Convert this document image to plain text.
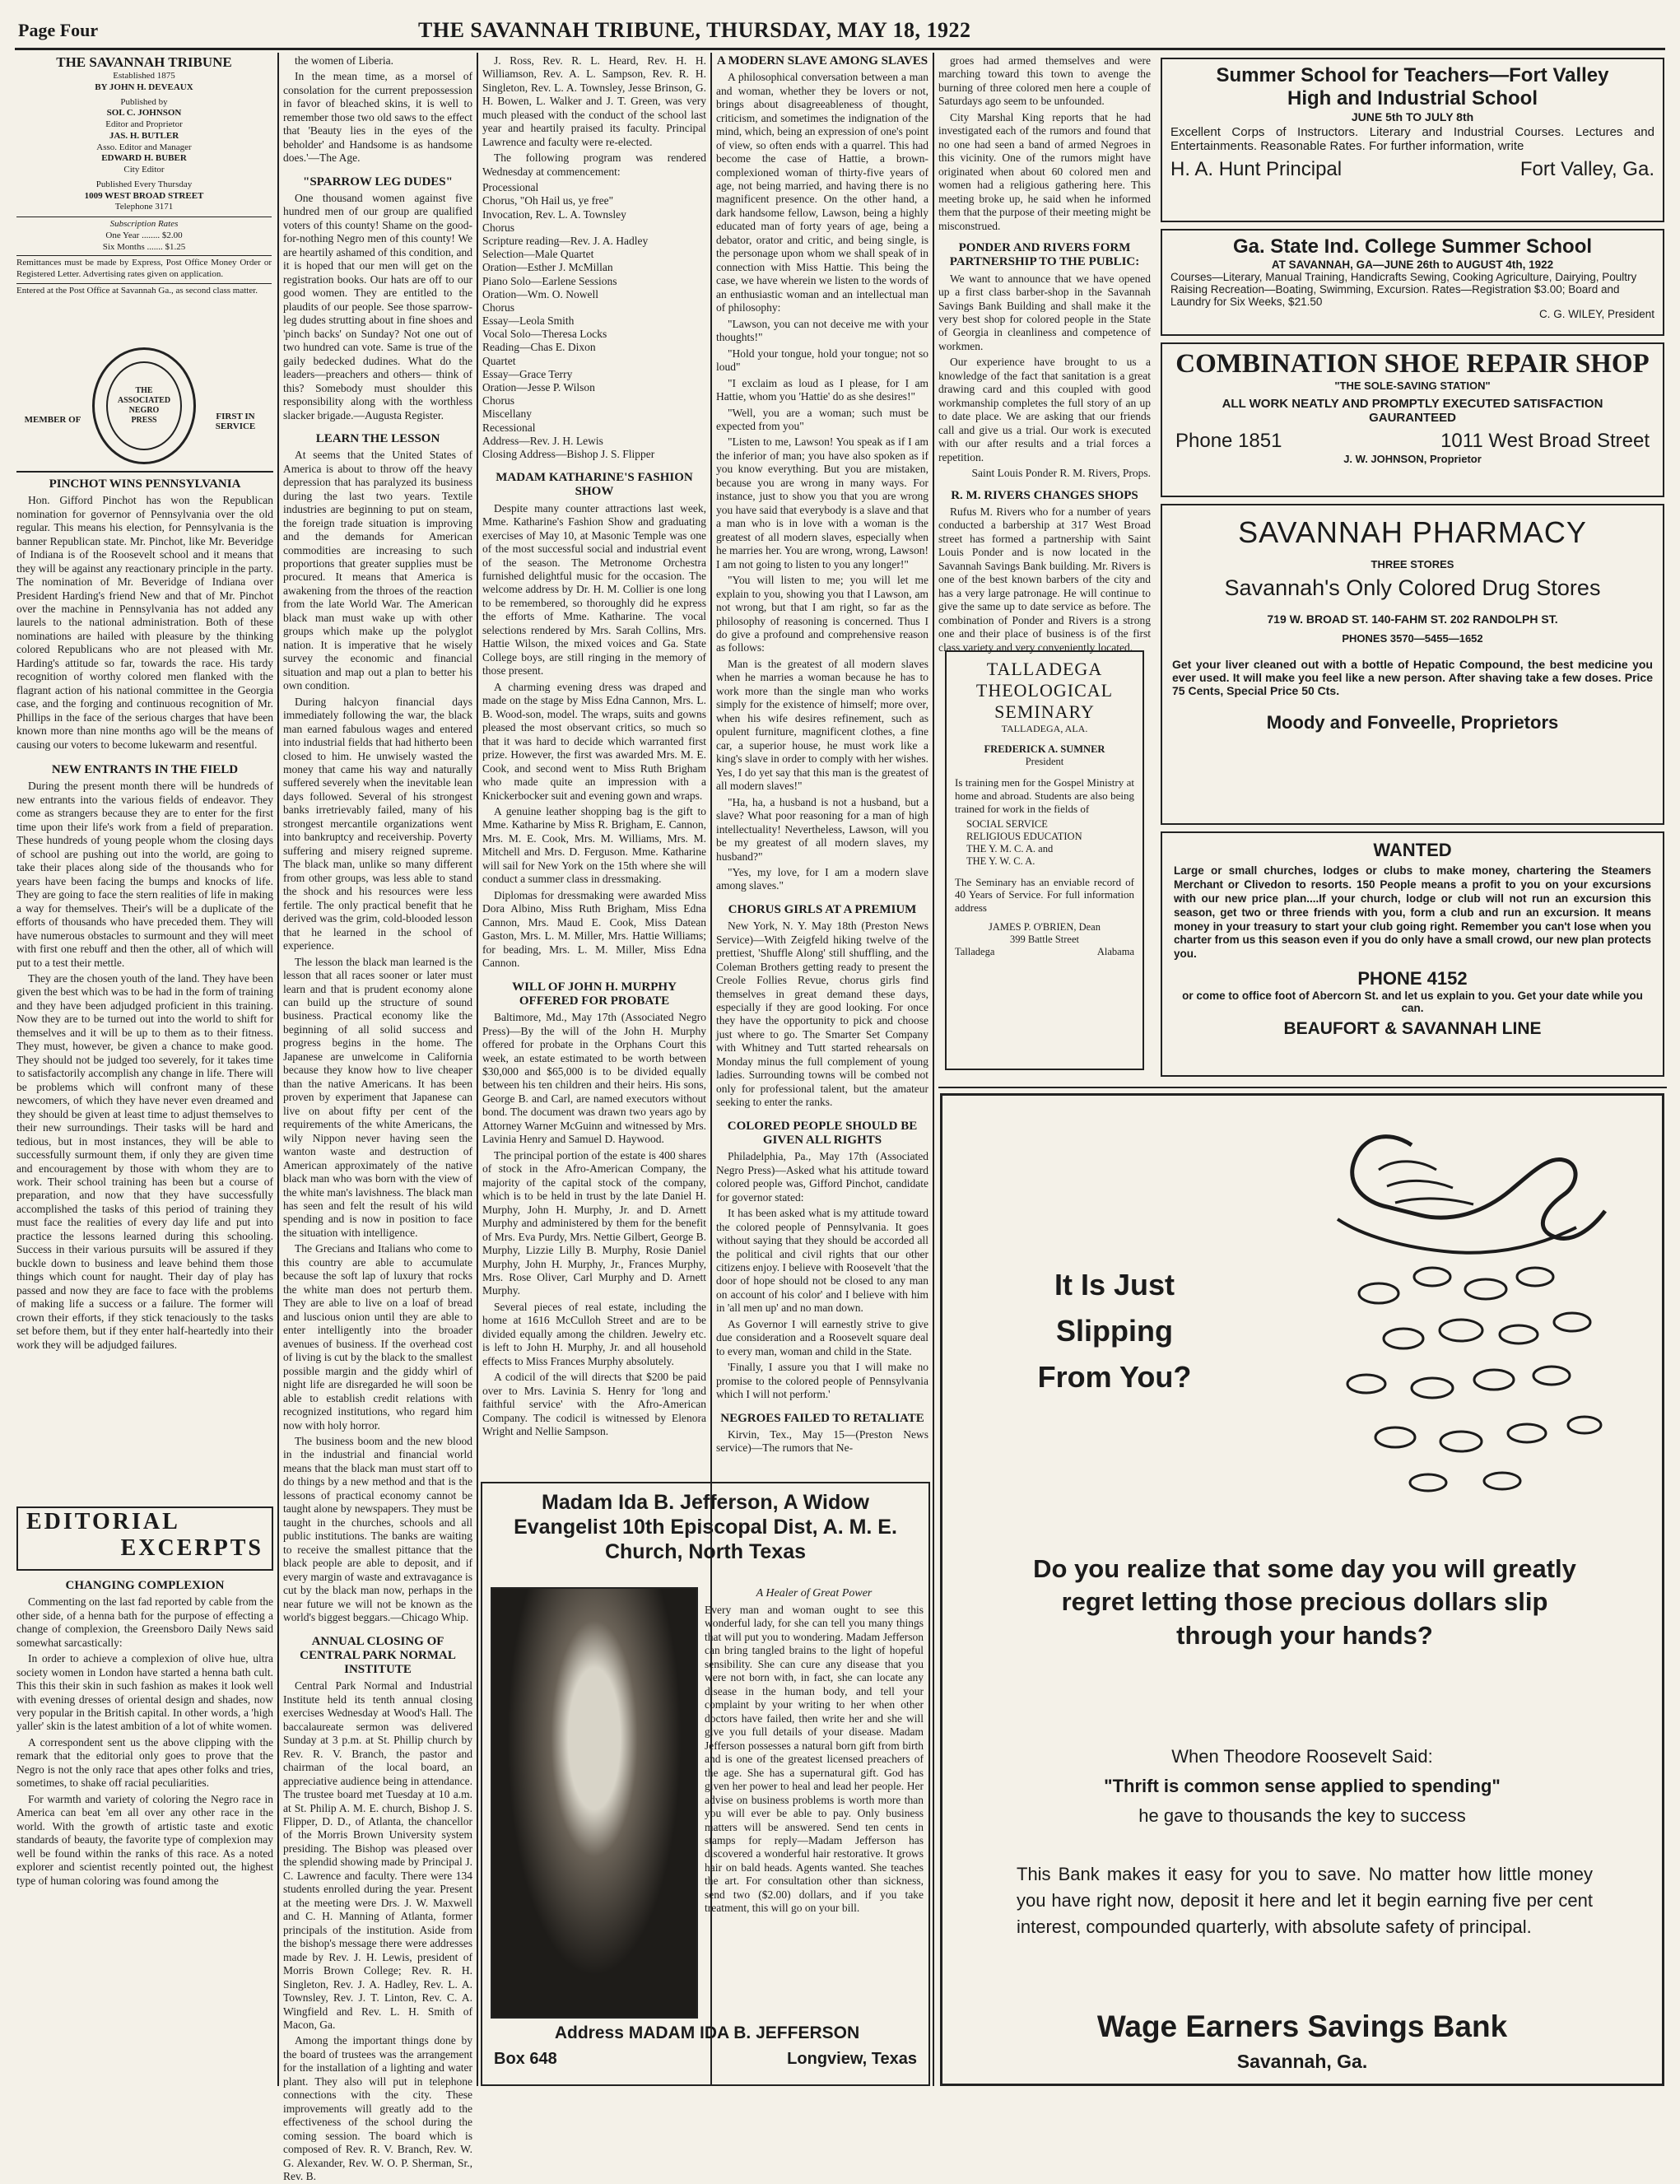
Page Four	THE SAVANNAH TRIBUNE, THURSDAY, MAY 18, 1922
THE SAVANNAH TRIBUNE
Established 1875
BY JOHN H. DEVEAUX
Published by
SOL C. JOHNSON
Editor and Proprietor
JAS. H. BUTLER
Asso. Editor and Manager
EDWARD H. BUBER
City Editor
Published Every Thursday
1009 WEST BROAD STREET
Telephone 3171
Subscription Rates
One Year ........ $2.00
Six Months ....... $1.25
Remittances must be made by Express, Post Office Money Order or Registered Letter. Advertising rates given on application.
Entered at the Post Office at Savannah Ga., as second class matter.
MEMBER OF	FIRST IN SERVICE
THE ASSOCIATED NEGRO PRESS
PINCHOT WINS PENNSYLVANIA

Hon. Gifford Pinchot has won the Republican nomination for governor of Pennsylvania over the old regular. This means his election, for Pennsylvania is the banner Republican state. Mr. Pinchot, like Mr. Beveridge of Indiana is of the Roosevelt school and it means that they will be against any reactionary principle in the party. The nomination of Mr. Beveridge of Indiana over President Harding's friend New and that of Mr. Pinchot over the machine in Pennsylvania has not added any laurels to the national administration. Both of these nominations are hailed with pleasure by the thinking colored Republicans who are not pleased with Mr. Harding's attitude so far, towards the race. His tardy recognition of worthy colored men flanked with the flagrant action of his national committee in the Georgia case, and the forging and continuous recognition of Mr. Phillips in the face of the serious charges that have been known more than nine months ago will be the means of causing our voters to become lukewarm and resentful.

NEW ENTRANTS IN THE FIELD

During the present month there will be hundreds of new entrants into the various fields of endeavor. They come as strangers because they are to enter for the first time upon their life's work from a field of preparation. These hundreds of young people whom the closing days of school are pushing out into the world, are going to take their places along side of the thousands who for years have been facing the bumps and knocks of life. They are going to face the stern realities of life in making a way for themselves. Their's will be a duplicate of the efforts of thousands who have preceded them. They will have numerous obstacles to surmount and they will meet with first one rebuff and then the other, all of which will put to a test their mettle.

They are the chosen youth of the land. They have been given the best which was to be had in the form of training and they have been adjudged proficient in this training. Now they are to be turned out into the world to shift for themselves and it will be up to them as to their fitness. They must, however, be given a chance to make good. They should not be judged too severely, for it takes time to satisfactorily accomplish any change in life. There will be problems which will confront many of these newcomers, of which they have never even dreamed and they should be given at least time to adjust themselves to their new surroundings. Their tasks will be hard and tedious, but in most instances, they will be able to successfully surmount them, if only they are given time and encouragement by those with whom they are to work. Their school training has been but a course of preparation, and now that they have successfully accomplished the tasks of this period of training they must face the realities of every day life and put into practice the lessons learned during this schooling. Success in their various pursuits will be assured if they buckle down to business and leave behind them those things which count for naught. Their day of play has passed and now they are face to face with the problems of making life a success or a failure. The former will crown their efforts, if they stick tenaciously to the tasks set before them, but if they enter half-heartedly into their work they will be adjudged failures.

EDITORIAL
EXCERPTS
CHANGING COMPLEXION

Commenting on the last fad reported by cable from the other side, of a henna bath for the purpose of effecting a change of complexion, the Greensboro Daily News said somewhat sarcastically:

In order to achieve a complexion of olive hue, ultra society women in London have started a henna bath cult. This this their skin in such fashion as makes it look well with evening dresses of oriental design and shades, now very popular in the British capital. In other words, a 'high yaller' skin is the latest ambition of a lot of white women.

A correspondent sent us the above clipping with the remark that the editorial only goes to prove that the Negro is not the only race that apes other folks and tries, sometimes, to shake off racial peculiarities.

For warmth and variety of coloring the Negro race in America can beat 'em all over any other race in the world. With the growth of artistic taste and exotic standards of beauty, the favorite type of complexion may well be found within the ranks of this race. As a noted explorer and scientist recently pointed out, the highest type of human coloring was found among the

the women of Liberia.

In the mean time, as a morsel of consolation for the current prepossession in favor of bleached skins, it is well to remember those two old saws to the effect that 'Beauty lies in the eyes of the beholder' and Handsome is as handsome does.'—The Age.

"SPARROW LEG DUDES"

One thousand women against five hundred men of our group are qualified voters of this county! Shame on the good-for-nothing Negro men of this county! We are heartily ashamed of this condition, and it is hoped that our men will get on the registration books. Our hats are off to our good women. They are entitled to the plaudits of our people. See those sparrow-leg dudes strutting about in fine shoes and 'pinch backs' on Sunday? Not one out of two hundred can vote. Same is true of the gaily bedecked dudines. What do the leaders—preachers and others— think of this? Somebody must shoulder this responsibility along with the worthless slacker brigade.—Augusta Register.

LEARN THE LESSON

At seems that the United States of America is about to throw off the heavy depression that has paralyzed its business during the last two years. Textile industries are beginning to put on steam, the foreign trade situation is improving and the demands for American commodities are increasing to such proportions that greater supplies must be procured. It means that America is awakening from the throes of the reaction from the late World War. The American black man must wake up with other groups which make up the polyglot nation. It is imperative that he wisely survey the economic and financial situation and map out a plan to better his own condition.

During halcyon financial days immediately following the war, the black man earned fabulous wages and entered into industrial fields that had hitherto been closed to him. He unwisely wasted the money that came his way and naturally suffered severely when the inevitable lean days followed. Several of his strongest banks irretrievably failed, many of his strongest mercantile organizations went into bankruptcy and receivership. Poverty suffering and misery reigned supreme. The black man, unlike so many different from other groups, was less able to stand the shock and his resources were less fertile. The only practical benefit that he derived was the grim, cold-blooded lesson that he learned in the school of experience.

The lesson the black man learned is the lesson that all races sooner or later must learn and that is prudent economy alone can build up the structure of sound business. Practical economy like the beginning of all solid success and progress begins in the home. The Japanese are unwelcome in California because they know how to live cheaper than the native Americans. It has been proven by experiment that Japanese can live on about fifty per cent of the requirements of the white Americans, the wily Nippon never having seen the wanton waste and destruction of American approximately of the native black man who was born with the view of the white man's lavishness. The black man has seen and felt the result of his wild spending and is now in position to face the situation with intelligence.

The Grecians and Italians who come to this country are able to accumulate because the soft lap of luxury that rocks the white man does not perturb them. They are able to live on a loaf of bread and luscious onion until they are able to enter intelligently into the broader avenues of business. If the overhead cost of living is cut by the black to the smallest possible margin and the giddy whirl of night life are disregarded he will soon be able to establish credit relations with recognized institutions, who regard him now with holy horror.

The business boom and the new blood in the industrial and financial world means that the black man must start off to do things by a new method and that is the lessons of practical economy cannot be taught alone by newspapers. They must be taught in the churches, schools and all public institutions. The banks are waiting to receive the smallest pittance that the black people are able to deposit, and if every margin of waste and extravagance is cut by the black man now, perhaps in the near future we will not be known as the world's biggest beggars.—Chicago Whip.

ANNUAL CLOSING OF CENTRAL PARK NORMAL INSTITUTE

Central Park Normal and Industrial Institute held its tenth annual closing exercises Wednesday at Wood's Hall. The baccalaureate sermon was delivered Sunday at 3 p.m. at St. Phillip church by Rev. R. V. Branch, the pastor and chairman of the local board, an appreciative audience being in attendance. The trustee board met Tuesday at 10 a.m. at St. Philip A. M. E. church, Bishop J. S. Flipper, D. D., of Atlanta, the chancellor of the Morris Brown University system presiding. The Bishop was pleased over the splendid showing made by Principal J. C. Lawrence and faculty. There were 134 students enrolled during the year. Present at the meeting were Drs. J. W. Maxwell and C. H. Manning of Atlanta, former principals of the institution. Aside from the bishop's message there were addresses made by Rev. J. H. Lewis, president of Morris Brown College; Rev. R. H. Singleton, Rev. J. A. Hadley, Rev. L. A. Townsley, Rev. J. T. Linton, Rev. C. A. Wingfield and Rev. L. H. Smith of Macon, Ga.

Among the important things done by the board of trustees was the arrangement for the installation of a lighting and water plant. They also will put in telephone connections with the city. These improvements will greatly add to the effectiveness of the school during the coming session. The board which is composed of Rev. R. V. Branch, Rev. W. G. Alexander, Rev. W. O. P. Sherman, Sr., Rev. B.

J. Ross, Rev. R. L. Heard, Rev. H. H. Williamson, Rev. A. L. Sampson, Rev. R. H. Singleton, Rev. L. A. Townsley, Jesse Brinson, G. H. Bowen, L. Walker and J. T. Green, was very much pleased with the conduct of the school last year and heartily praised its faculty. Principal Lawrence and faculty were re-elected.

The following program was rendered Wednesday at commencement:

Processional
Chorus, "Oh Hail us, ye free"
Invocation, Rev. L. A. Townsley
Chorus
Scripture reading—Rev. J. A. Hadley
Selection—Male Quartet
Oration—Esther J. McMillan
Piano Solo—Earlene Sessions
Oration—Wm. O. Nowell
Chorus
Essay—Leola Smith
Vocal Solo—Theresa Locks
Reading—Chas E. Dixon
Quartet
Essay—Grace Terry
Oration—Jesse P. Wilson
Chorus
Miscellany
Recessional
Address—Rev. J. H. Lewis
Closing Address—Bishop J. S. Flipper
MADAM KATHARINE'S FASHION SHOW

Despite many counter attractions last week, Mme. Katharine's Fashion Show and graduating exercises of May 10, at Masonic Temple was one of the most successful social and industrial event of the season. The Metronome Orchestra furnished delightful music for the occasion. The welcome address by Dr. H. M. Collier is one long to be remembered, so thoroughly did he express the efforts of Mme. Katharine. The vocal selections rendered by Mrs. Sarah Collins, Mrs. Hattie Wilson, the mixed voices and Ga. State College boys, are still ringing in the memory of those present.

A charming evening dress was draped and made on the stage by Miss Edna Cannon, Mrs. L. B. Wood-son, model. The wraps, suits and gowns pleased the most observant critics, so much so that it was hard to decide which warranted first prize. However, the first was awarded Mrs. M. E. Cook, and second went to Miss Ruth Brigham who made quite an impression with a Knickerbocker suit and evening gown and wraps.

A genuine leather shopping bag is the gift to Mme. Katharine by Miss R. Brigham, E. Cannon, Mrs. M. E. Cook, Mrs. M. Williams, Mrs. M. Mitchell and Mrs. D. Ferguson. Mme. Katharine will sail for New York on the 15th where she will conduct a summer class in dressmaking.

Diplomas for dressmaking were awarded Miss Dora Albino, Miss Ruth Brigham, Miss Edna Cannon, Mrs. Maud E. Cook, Miss Datean Gaston, Mrs. L. M. Miller, Mrs. Hattie Williams; for beading, Mrs. L. M. Miller, Miss Edna Cannon.

WILL OF JOHN H. MURPHY OFFERED FOR PROBATE

Baltimore, Md., May 17th (Associated Negro Press)—By the will of the John H. Murphy offered for probate in the Orphans Court this week, an estate estimated to be worth between $30,000 and $65,000 is to be divided equally between his ten children and their heirs. His sons, George B. and Carl, are named executors without bond. The document was drawn two years ago by Attorney Warner McGuinn and witnessed by Mrs. Lavinia Henry and Samuel D. Haywood.

The principal portion of the estate is 400 shares of stock in the Afro-American Company, the majority of the capital stock of the company, which is to be held in trust by the late Daniel H. Murphy, John H. Murphy, Jr. and D. Arnett Murphy and administered by them for the benefit of Mrs. Eva Purdy, Mrs. Nettie Gilbert, George B. Murphy, Lizzie Lilly B. Murphy, Rosie Daniel Murphy, John H. Murphy, Jr., Frances Murphy, Mrs. Rose Oliver, Carl Murphy and D. Arnett Murphy.

Several pieces of real estate, including the home at 1616 McCulloh Street and are to be divided equally among the children. Jewelry etc. is left to John H. Murphy, Jr. and all household effects to Miss Frances Murphy absolutely.

A codicil of the will directs that $200 be paid over to Mrs. Lavinia S. Henry for 'long and faithful service' with the Afro-American Company. The codicil is witnessed by Elenora Wright and Nellie Sampson.

A MODERN SLAVE AMONG SLAVES

A philosophical conversation between a man and woman, whether they be lovers or not, brings about disagreeableness of thought, criticism, and sometimes the indignation of the mind, which, being an expression of one's point of view, so often ends with a quarrel. This had become the case of Hattie, a brown-complexioned woman of thirty-five years of age, not being married, and having there is no magnificent presence. On the other hand, a dark handsome fellow, Lawson, being a highly educated man of forty years of age, being a debator, orator and critic, and being single, is the personage upon whom we shall speak of in connection with Miss Hattie. This being the case, we have wherein we listen to the words of an enthusiastic woman and an intellectual man of philosophy:

"Lawson, you can not deceive me with your thoughts!"

"Hold your tongue, hold your tongue; not so loud"

"I exclaim as loud as I please, for I am Hattie, whom you 'Hattie' do as she desires!"

"Well, you are a woman; such must be expected from you"

"Listen to me, Lawson! You speak as if I am the inferior of man; you have also spoken as if you know everything. But you are mistaken, because you are wrong in many ways. For instance, just to show you that you are wrong you have said that everybody is a slave and that a man who is in love with a woman is the greatest of all modern slaves, especially when he marries her. You are wrong, wrong, Lawson! I am not going to listen to you any longer!"

"You will listen to me; you will let me explain to you, showing you that I Lawson, am not wrong, but that I am right, so far as the philosophy of reasoning is concerned. Thus I do give a profound and comprehensive reason as follows:

Man is the greatest of all modern slaves when he marries a woman because he has to work more than the single man who works simply for the existence of himself; more over, when his wife desires refinement, such as opulent furniture, magnificent clothes, a fine car, a superior house, he must work like a king's slave in order to comply with her wishes. Yes, I do yet say that this man is the greatest of all modern slaves!"

"Ha, ha, a husband is not a husband, but a slave? What poor reasoning for a man of high intellectuality! Nevertheless, Lawson, will you be my greatest of all modern slaves, my husband?"

"Yes, my love, for I am a modern slave among slaves."

CHORUS GIRLS AT A PREMIUM

New York, N. Y. May 18th (Preston News Service)—With Zeigfeld hiking twelve of the prettiest, 'Shuffle Along' still shuffling, and the Coleman Brothers getting ready to present the Creole Follies Revue, chorus girls find themselves in great demand these days, especially if they are good looking. For once they have the opportunity to pick and choose just where to go. The Smarter Set Company with Whitney and Tutt started rehearsals on Monday minus the full complement of young ladies. Surrounding towns will be combed not only for professional talent, but the amateur seeking to enter the ranks.

COLORED PEOPLE SHOULD BE GIVEN ALL RIGHTS

Philadelphia, Pa., May 17th (Associated Negro Press)—Asked what his attitude toward colored people was, Gifford Pinchot, candidate for governor stated:

It has been asked what is my attitude toward the colored people of Pennsylvania. It goes without saying that they should be accorded all the political and civil rights that our other citizens enjoy. I believe with Roosevelt 'that the door of hope should not be closed to any man on account of his color' and I believe with him in 'all men up' and no man down.

As Governor I will earnestly strive to give due consideration and a Roosevelt square deal to every man, woman and child in the State.

'Finally, I assure you that I will make no promise to the colored people of Pennsylvania which I will not perform.'

NEGROES FAILED TO RETALIATE

Kirvin, Tex., May 15—(Preston News service)—The rumors that Ne-

Madam Ida B. Jefferson, A Widow Evangelist 10th Episcopal Dist, A. M. E. Church, North Texas
A Healer of Great Power
Every man and woman ought to see this wonderful lady, for she can tell you many things that will put you to wondering. Madam Jefferson can bring tangled brains to the light of hopeful sensibility. She can cure any disease that you were not born with, in fact, she can locate any disease in the human body, and tell your complaint by your writing to her when other doctors have failed, then write her and she will give you full details of your disease. Madam Jefferson possesses a natural born gift from birth and is one of the greatest licensed preachers of the age. She has a supernatural gift. God has given her power to heal and lead her people. Her advise on business problems is worth more than you will ever be able to pay. Only business matters will be answered. Send ten cents in stamps for reply—Madam Jefferson has discovered a wonderful hair restorative. It grows hair on bald heads. Agents wanted. She teaches the art. For consultation other than sickness, send two ($2.00) dollars, and if you take treatment, this will go on your bill.
Address MADAM IDA B. JEFFERSON
Box 648	Longview, Texas

groes had armed themselves and were marching toward this town to avenge the burning of three colored men here a couple of Saturdays ago seem to be unfounded.

City Marshal King reports that he had investigated each of the rumors and found that no one had seen a band of armed Negroes in this vicinity. One of the rumors might have originated when about 60 colored men and women had a religious gathering here. This meeting broke up, he said when he informed them that the purpose of their meeting might be misconstrued.

PONDER AND RIVERS FORM PARTNERSHIP TO THE PUBLIC:

We want to announce that we have opened up a first class barber-shop in the Savannah Savings Bank Building and shall make it the very best shop for colored people in the State of Georgia in cleanliness and competence of workmen.

Our experience have brought to us a knowledge of the fact that sanitation is a great drawing card and this coupled with good workmanship completes the full story of an up to date place. We are asking that our friends call and give us a trial. Our work is executed with our after results and a trial forces a repetition.

Saint Louis Ponder R. M. Rivers, Props.

R. M. RIVERS CHANGES SHOPS

Rufus M. Rivers who for a number of years conducted a barbership at 317 West Broad street has formed a partnership with Saint Louis Ponder and is now located in the Savannah Savings Bank building. Mr. Rivers is one of the best known barbers of the city and has a very large patronage. He will continue to give the same up to date service as before. The combination of Ponder and Rivers is a strong one and their place of business is of the first class variety and very conveniently located.

TALLADEGA
THEOLOGICAL
SEMINARY
TALLADEGA, ALA.
FREDERICK A. SUMNER
President
Is training men for the Gospel Ministry at home and abroad. Students are also being trained for work in the fields of
SOCIAL SERVICE
RELIGIOUS EDUCATION
THE Y. M. C. A. and
THE Y. W. C. A.
The Seminary has an enviable record of 40 Years of Service. For full information address
JAMES P. O'BRIEN, Dean
399 Battle Street
Talladega	Alabama
Summer School for Teachers—Fort Valley
High and Industrial School
JUNE 5th TO JULY 8th
Excellent Corps of Instructors. Literary and Industrial Courses. Lectures and Entertainments. Reasonable Rates. For further information, write
H. A. Hunt Principal	Fort Valley, Ga.
Ga. State Ind. College Summer School
AT SAVANNAH, GA—JUNE 26th to AUGUST 4th, 1922
Courses—Literary, Manual Training, Handicrafts Sewing, Cooking Agriculture, Dairying, Poultry Raising Recreation—Boating, Swimming, Excursion. Rates—Registration $3.00; Board and Laundry for Six Weeks, $21.50
C. G. WILEY, President
COMBINATION SHOE REPAIR SHOP
"THE SOLE-SAVING STATION"
ALL WORK NEATLY AND PROMPTLY EXECUTED SATISFACTION GAURANTEED
Phone 1851	1011 West Broad Street
J. W. JOHNSON, Proprietor
SAVANNAH PHARMACY
THREE STORES
Savannah's Only Colored Drug Stores
719 W. BROAD ST. 140-FAHM ST. 202 RANDOLPH ST.
PHONES 3570—5455—1652
Get your liver cleaned out with a bottle of Hepatic Compound, the best medicine you ever used. It will make you feel like a new person. After shaving take a few doses. Price 75 Cents, Special Price 50 Cts.
Moody and Fonveelle, Proprietors
WANTED
Large or small churches, lodges or clubs to make money, chartering the Steamers Merchant or Clivedon to resorts. 150 People means a profit to you on your excursions with our new price plan....If your church, lodge or club will not run an excursion this season, get two or three friends with you, form a club and run an excursion. It means money in your treasury to start your club going right. Remember you can't lose when you charter from us this season even if you do only have a small crowd, our new plan protects you.
PHONE 4152
or come to office foot of Abercorn St. and let us explain to you. Get your date while you can.
BEAUFORT & SAVANNAH LINE
It Is Just
Slipping
From You?
Do you realize that some day you will greatly regret letting those precious dollars slip through your hands?
When Theodore Roosevelt Said:
"Thrift is common sense applied to spending"
he gave to thousands the key to success
This Bank makes it easy for you to save. No matter how little money you have right now, deposit it here and let it begin earning five per cent interest, compounded quarterly, with absolute safety of principal.
Wage Earners Savings Bank
Savannah, Ga.
